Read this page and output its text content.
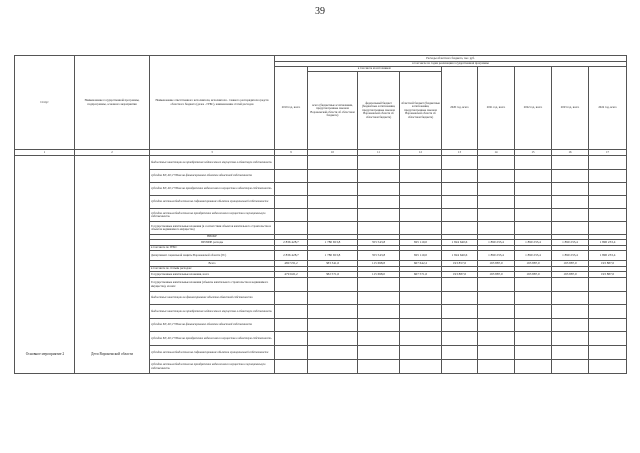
39
Статус	Наименование государственной программы, подпрограммы, основного мероприятия	Наименование ответственного исполнителя, исполнителя - главного распорядителя средств областного бюджета (далее - ГРБС), наименование статей расходов	Расходы областного бюджета, тыс. руб.								
			в том числе по годам реализации государственной программы								
			2019 год, всего	в том числе из источников:			2020 год, всего	2021 год, всего	2022 год, всего	2023 год, всего	2024 год, всего
				всего (бюджетные ассигнования, предусмотренные законом Воронежской области об областном бюджете)	федеральный бюджет (бюджетные ассигнования, предусмотренные законом Воронежской области об областном бюджете)	областной бюджет (бюджетные ассигнования, предусмотренные законом Воронежской области об областном бюджете)					
1	2	3	9	10	11	12	13	14	15	16	17
		бюджетные инвестиции на приобретение недвижимого имущества в областную собственность									
		субсидии БУ, АУ, ГУПам на финансирование объектов областной собственности									
		субсидии БУ, АУ, ГУПам на приобретение недвижимого имущества в областную собственность									
		субсидии местным бюджетам на софинансирование объектов муниципальной собственности									
		субсидии местным бюджетам на приобретение недвижимого имущества в муниципальную собственность									
		Государственные капитальные вложения (в соответствии объектов капитального строительства и объектов недвижимого имущества)									
		НИОКР									
		ПРОЧИЕ расходы	2 836 428,7	1 780 653,8	355 543,8	825 110,0	1 824 640,6	1 890 233,4	1 890 233,4	1 890 233,4	1 890 233,4
		в том числе по ГРБС:									
		Департамент социальной защиты Воронежской области (ГС)	2 836 428,7	1 780 653,8	355 543,8	825 110,0	1 824 640,6	1 890 233,4	1 890 233,4	1 890 233,4	1 890 233,4
		Всего	480 535,2	383 341,0	115 698,8	667 642,2	193 857,0	193 887,0	193 887,0	193 887,0	193 887,0
		в том числе по статьям расходов:									
		Государственные капитальные вложения, всего	479 645,2	382 571,0	115 698,0	667 571,0	193 887,0	193 887,0	193 887,0	193 887,0	193 887,0
		Государственные капитальные вложения (объекты капитального строительства и недвижимого имущества), из них:									
		бюджетные инвестиции на финансирование объектов областной собственности									
		бюджетные инвестиции на приобретение недвижимого имущества в областную собственность									
		субсидии БУ, АУ, ГУПам на финансирование объектов областной собственности									
		субсидии БУ, АУ, ГУПам на приобретение недвижимого имущества в областную собственность									
		субсидии местным бюджетам на софинансирование объектов муниципальной собственности									
		субсидии местным бюджетам на приобретение недвижимого имущества в муниципальную собственность									
Основное мероприятие 2	Дети Воронежской области
